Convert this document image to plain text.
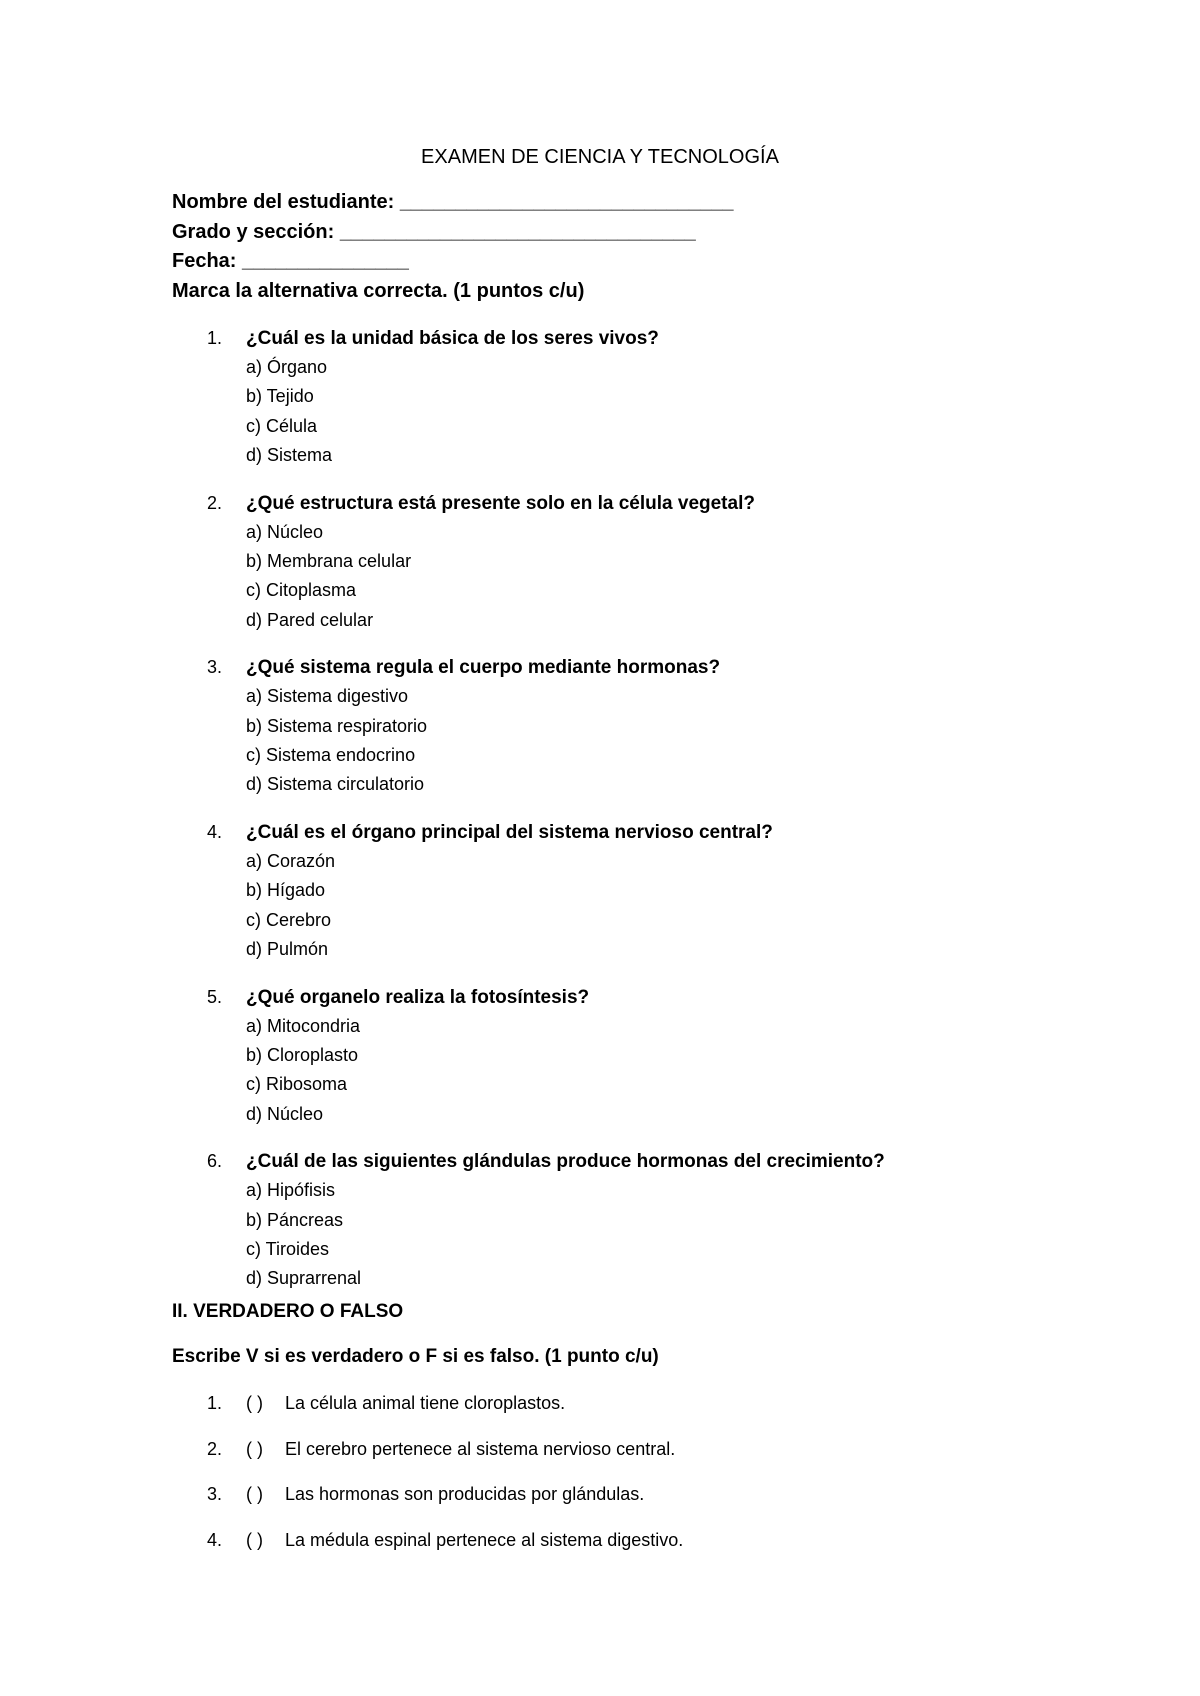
EXAMEN DE CIENCIA Y TECNOLOGÍA
Nombre del estudiante: ______________________________
Grado y sección: ________________________________
Fecha: _______________
Marca la alternativa correcta. (1 puntos c/u)
1. ¿Cuál es la unidad básica de los seres vivos?
a) Órgano
b) Tejido
c) Célula
d) Sistema
2. ¿Qué estructura está presente solo en la célula vegetal?
a) Núcleo
b) Membrana celular
c) Citoplasma
d) Pared celular
3. ¿Qué sistema regula el cuerpo mediante hormonas?
a) Sistema digestivo
b) Sistema respiratorio
c) Sistema endocrino
d) Sistema circulatorio
4. ¿Cuál es el órgano principal del sistema nervioso central?
a) Corazón
b) Hígado
c) Cerebro
d) Pulmón
5. ¿Qué organelo realiza la fotosíntesis?
a) Mitocondria
b) Cloroplasto
c) Ribosoma
d) Núcleo
6. ¿Cuál de las siguientes glándulas produce hormonas del crecimiento?
a) Hipófisis
b) Páncreas
c) Tiroides
d) Suprarrenal
II. VERDADERO O FALSO
Escribe V si es verdadero o F si es falso. (1 punto c/u)
1. ( ) La célula animal tiene cloroplastos.
2. ( ) El cerebro pertenece al sistema nervioso central.
3. ( ) Las hormonas son producidas por glándulas.
4. ( ) La médula espinal pertenece al sistema digestivo.
